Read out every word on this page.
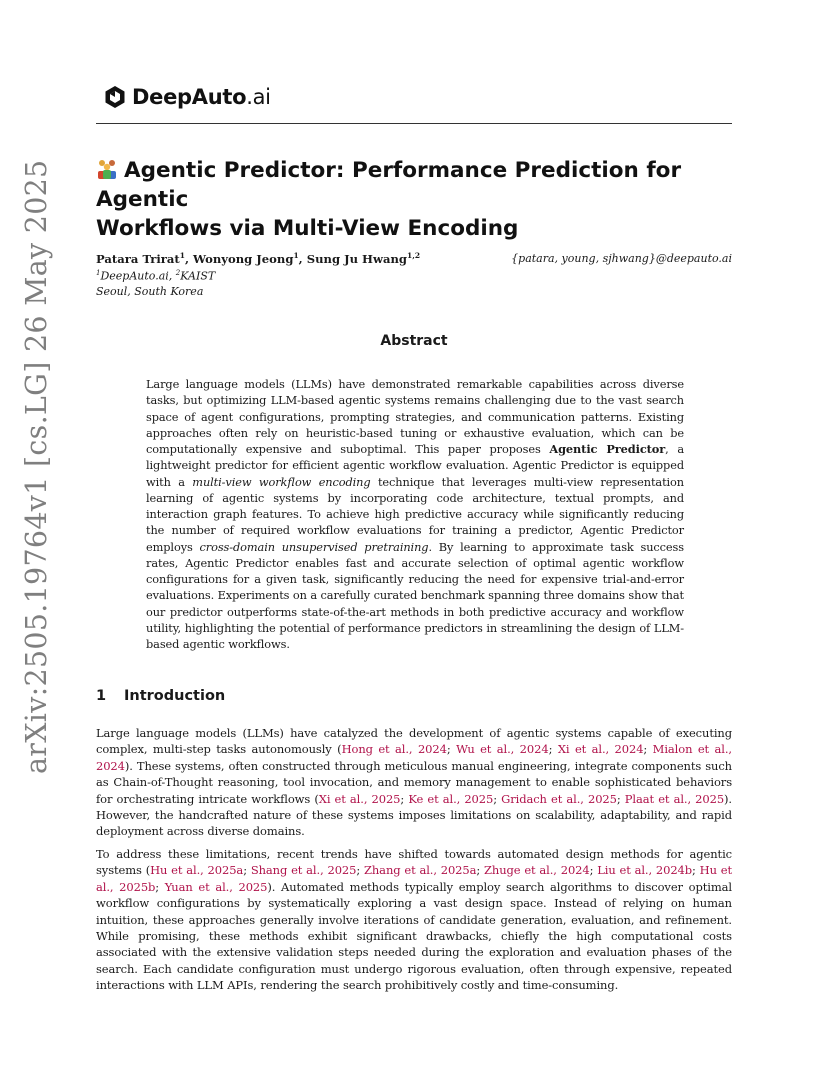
DeepAuto.ai
arXiv:2505.19764v1 [cs.LG] 26 May 2025	Agentic Predictor: Performance Prediction for Agentic
Workflows via Multi-View Encoding
Patara Trirat$^1$, Wonyong Jeong$^1$, Sung Ju Hwang$^{1,2}$	{patara, young, sjhwang}@deepauto.ai
$^1$DeepAuto.ai, $^2$KAIST
Seoul, South Korea
Abstract
Large language models (LLMs) have demonstrated remarkable capabilities across diverse tasks, but optimizing LLM-based agentic systems remains challenging due to the vast search space of agent configurations, prompting strategies, and communication patterns. Existing approaches often rely on heuristic-based tuning or exhaustive evaluation, which can be computationally expensive and suboptimal. This paper proposes Agentic Predictor, a lightweight predictor for efficient agentic workflow evaluation. Agentic Predictor is equipped with a multi-view workflow encoding technique that leverages multi-view representation learning of agentic systems by incorporating code architecture, textual prompts, and interaction graph features. To achieve high predictive accuracy while significantly reducing the number of required workflow evaluations for training a predictor, Agentic Predictor employs cross-domain unsupervised pretraining. By learning to approximate task success rates, Agentic Predictor enables fast and accurate selection of optimal agentic workflow configurations for a given task, significantly reducing the need for expensive trial-and-error evaluations. Experiments on a carefully curated benchmark spanning three domains show that our predictor outperforms state-of-the-art methods in both predictive accuracy and workflow utility, highlighting the potential of performance predictors in streamlining the design of LLM-based agentic workflows.
1 Introduction
Large language models (LLMs) have catalyzed the development of agentic systems capable of executing complex, multi-step tasks autonomously (Hong et al., 2024; Wu et al., 2024; Xi et al., 2024; Mialon et al., 2024). These systems, often constructed through meticulous manual engineering, integrate components such as Chain-of-Thought reasoning, tool invocation, and memory management to enable sophisticated behaviors for orchestrating intricate workflows (Xi et al., 2025; Ke et al., 2025; Gridach et al., 2025; Plaat et al., 2025). However, the handcrafted nature of these systems imposes limitations on scalability, adaptability, and rapid deployment across diverse domains.
To address these limitations, recent trends have shifted towards automated design methods for agentic systems (Hu et al., 2025a; Shang et al., 2025; Zhang et al., 2025a; Zhuge et al., 2024; Liu et al., 2024b; Hu et al., 2025b; Yuan et al., 2025). Automated methods typically employ search algorithms to discover optimal workflow configurations by systematically exploring a vast design space. Instead of relying on human intuition, these approaches generally involve iterations of candidate generation, evaluation, and refinement. While promising, these methods exhibit significant drawbacks, chiefly the high computational costs associated with the extensive validation steps needed during the exploration and evaluation phases of the search. Each candidate configuration must undergo rigorous evaluation, often through expensive, repeated interactions with LLM APIs, rendering the search prohibitively costly and time-consuming.
